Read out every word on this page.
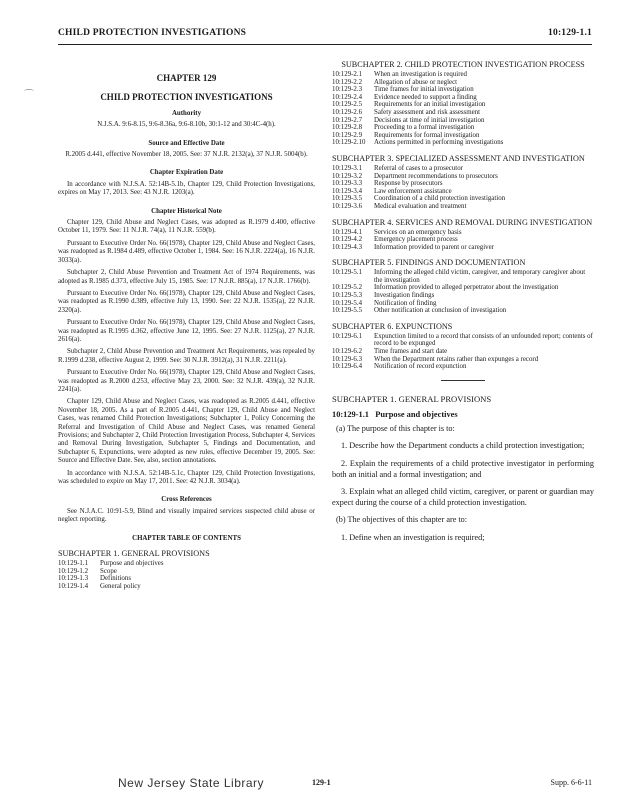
CHILD PROTECTION INVESTIGATIONS	10:129-1.1
⌒
CHAPTER 129
CHILD PROTECTION INVESTIGATIONS
Authority
N.J.S.A. 9:6-8.15, 9:6-8.36a, 9:6-8.10b, 30:1-12 and 30:4C-4(h).
Source and Effective Date
R.2005 d.441, effective November 18, 2005. See: 37 N.J.R. 2132(a), 37 N.J.R. 5004(b).
Chapter Expiration Date

In accordance with N.J.S.A. 52:14B-5.1b, Chapter 129, Child Protection Investigations, expires on May 17, 2013. See: 43 N.J.R. 1203(a).

Chapter Historical Note

Chapter 129, Child Abuse and Neglect Cases, was adopted as R.1979 d.400, effective October 11, 1979. See: 11 N.J.R. 74(a), 11 N.J.R. 559(b).

Pursuant to Executive Order No. 66(1978), Chapter 129, Child Abuse and Neglect Cases, was readopted as R.1984 d.489, effective October 1, 1984. See: 16 N.J.R. 2224(a), 16 N.J.R. 3033(a).

Subchapter 2, Child Abuse Prevention and Treatment Act of 1974 Requirements, was adopted as R.1985 d.373, effective July 15, 1985. See: 17 N.J.R. 885(a), 17 N.J.R. 1766(b).

Pursuant to Executive Order No. 66(1978), Chapter 129, Child Abuse and Neglect Cases, was readopted as R.1990 d.389, effective July 13, 1990. See: 22 N.J.R. 1535(a), 22 N.J.R. 2320(a).

Pursuant to Executive Order No. 66(1978), Chapter 129, Child Abuse and Neglect Cases, was readopted as R.1995 d.362, effective June 12, 1995. See: 27 N.J.R. 1125(a), 27 N.J.R. 2616(a).

Subchapter 2, Child Abuse Prevention and Treatment Act Requirements, was repealed by R.1999 d.238, effective August 2, 1999. See: 30 N.J.R. 3912(a), 31 N.J.R. 2211(a).

Pursuant to Executive Order No. 66(1978), Chapter 129, Child Abuse and Neglect Cases, was readopted as R.2000 d.253, effective May 23, 2000. See: 32 N.J.R. 439(a), 32 N.J.R. 2241(a).

Chapter 129, Child Abuse and Neglect Cases, was readopted as R.2005 d.441, effective November 18, 2005. As a part of R.2005 d.441, Chapter 129, Child Abuse and Neglect Cases, was renamed Child Protection Investigations; Subchapter 1, Policy Concerning the Referral and Investigation of Child Abuse and Neglect Cases, was renamed General Provisions; and Subchapter 2, Child Protection Investigation Process, Subchapter 4, Services and Removal During Investigation, Subchapter 5, Findings and Documentation, and Subchapter 6, Expunctions, were adopted as new rules, effective December 19, 2005. See: Source and Effective Date. See, also, section annotations.

In accordance with N.J.S.A. 52:14B-5.1c, Chapter 129, Child Protection Investigations, was scheduled to expire on May 17, 2011. See: 42 N.J.R. 3034(a).

Cross References

See N.J.A.C. 10:91-5.9, Blind and visually impaired services suspected child abuse or neglect reporting.

CHAPTER TABLE OF CONTENTS
SUBCHAPTER 1. GENERAL PROVISIONS
10:129-1.1	Purpose and objectives
10:129-1.2	Scope
10:129-1.3	Definitions
10:129-1.4	General policy
SUBCHAPTER 2. CHILD PROTECTION INVESTIGATION PROCESS
10:129-2.1	When an investigation is required
10:129-2.2	Allegation of abuse or neglect
10:129-2.3	Time frames for initial investigation
10:129-2.4	Evidence needed to support a finding
10:129-2.5	Requirements for an initial investigation
10:129-2.6	Safety assessment and risk assessment
10:129-2.7	Decisions at time of initial investigation
10:129-2.8	Proceeding to a formal investigation
10:129-2.9	Requirements for formal investigation
10:129-2.10	Actions permitted in performing investigations
SUBCHAPTER 3. SPECIALIZED ASSESSMENT AND INVESTIGATION
10:129-3.1	Referral of cases to a prosecutor
10:129-3.2	Department recommendations to prosecutors
10:129-3.3	Response by prosecutors
10:129-3.4	Law enforcement assistance
10:129-3.5	Coordination of a child protection investigation
10:129-3.6	Medical evaluation and treatment
SUBCHAPTER 4. SERVICES AND REMOVAL DURING INVESTIGATION
10:129-4.1	Services on an emergency basis
10:129-4.2	Emergency placement process
10:129-4.3	Information provided to parent or caregiver
SUBCHAPTER 5. FINDINGS AND DOCUMENTATION
10:129-5.1	Informing the alleged child victim, caregiver, and temporary caregiver about the investigation
10:129-5.2	Information provided to alleged perpetrator about the investigation
10:129-5.3	Investigation findings
10:129-5.4	Notification of finding
10:129-5.5	Other notification at conclusion of investigation
SUBCHAPTER 6. EXPUNCTIONS
10:129-6.1	Expunction limited to a record that consists of an unfounded report; contents of record to be expunged
10:129-6.2	Time frames and start date
10:129-6.3	When the Department retains rather than expunges a record
10:129-6.4	Notification of record expunction
SUBCHAPTER 1. GENERAL PROVISIONS
10:129-1.1 Purpose and objectives

(a) The purpose of this chapter is to:

1. Describe how the Department conducts a child protection investigation;

2. Explain the requirements of a child protective investigator in performing both an initial and a formal investigation; and

3. Explain what an alleged child victim, caregiver, or parent or guardian may expect during the course of a child protection investigation.

(b) The objectives of this chapter are to:

1. Define when an investigation is required;

New Jersey State Library	129-1	Supp. 6-6-11
